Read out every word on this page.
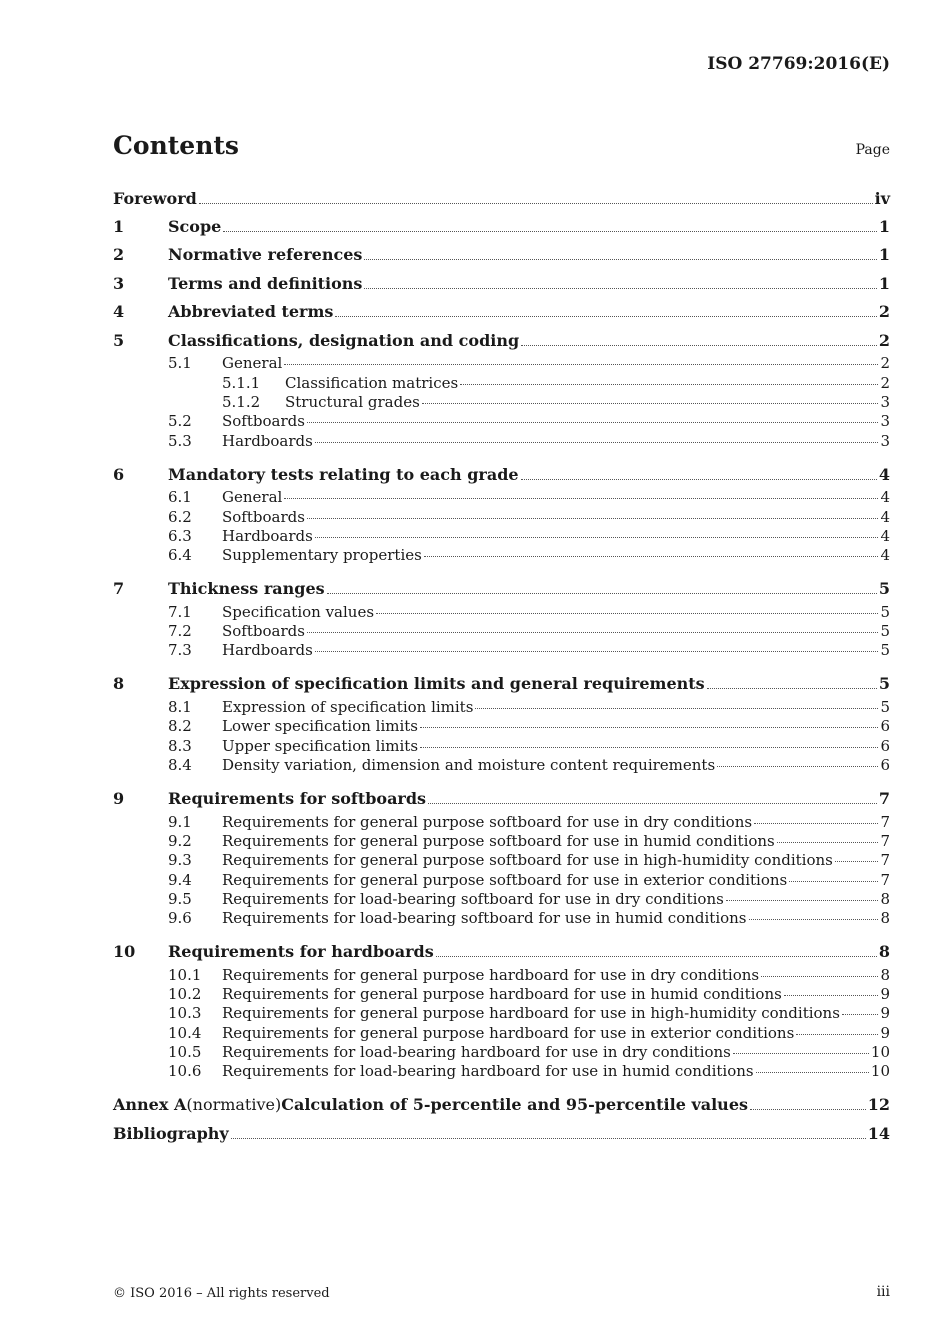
ISO 27769:2016(E)
Contents	Page
Foreword	iv
1	Scope	1
2	Normative references	1
3	Terms and definitions	1
4	Abbreviated terms	2
5	Classifications, designation and coding	2
5.1	General	2
5.1.1	Classification matrices	2
5.1.2	Structural grades	3
5.2	Softboards	3
5.3	Hardboards	3
6	Mandatory tests relating to each grade	4
6.1	General	4
6.2	Softboards	4
6.3	Hardboards	4
6.4	Supplementary properties	4
7	Thickness ranges	5
7.1	Specification values	5
7.2	Softboards	5
7.3	Hardboards	5
8	Expression of specification limits and general requirements	5
8.1	Expression of specification limits	5
8.2	Lower specification limits	6
8.3	Upper specification limits	6
8.4	Density variation, dimension and moisture content requirements	6
9	Requirements for softboards	7
9.1	Requirements for general purpose softboard for use in dry conditions	7
9.2	Requirements for general purpose softboard for use in humid conditions	7
9.3	Requirements for general purpose softboard for use in high-humidity conditions	7
9.4	Requirements for general purpose softboard for use in exterior conditions	7
9.5	Requirements for load-bearing softboard for use in dry conditions	8
9.6	Requirements for load-bearing softboard for use in humid conditions	8
10	Requirements for hardboards	8
10.1	Requirements for general purpose hardboard for use in dry conditions	8
10.2	Requirements for general purpose hardboard for use in humid conditions	9
10.3	Requirements for general purpose hardboard for use in high-humidity conditions	9
10.4	Requirements for general purpose hardboard for use in exterior conditions	9
10.5	Requirements for load-bearing hardboard for use in dry conditions	10
10.6	Requirements for load-bearing hardboard for use in humid conditions	10
Annex A (normative) Calculation of 5-percentile and 95-percentile values	12
Bibliography	14
© ISO 2016 – All rights reserved	iii
